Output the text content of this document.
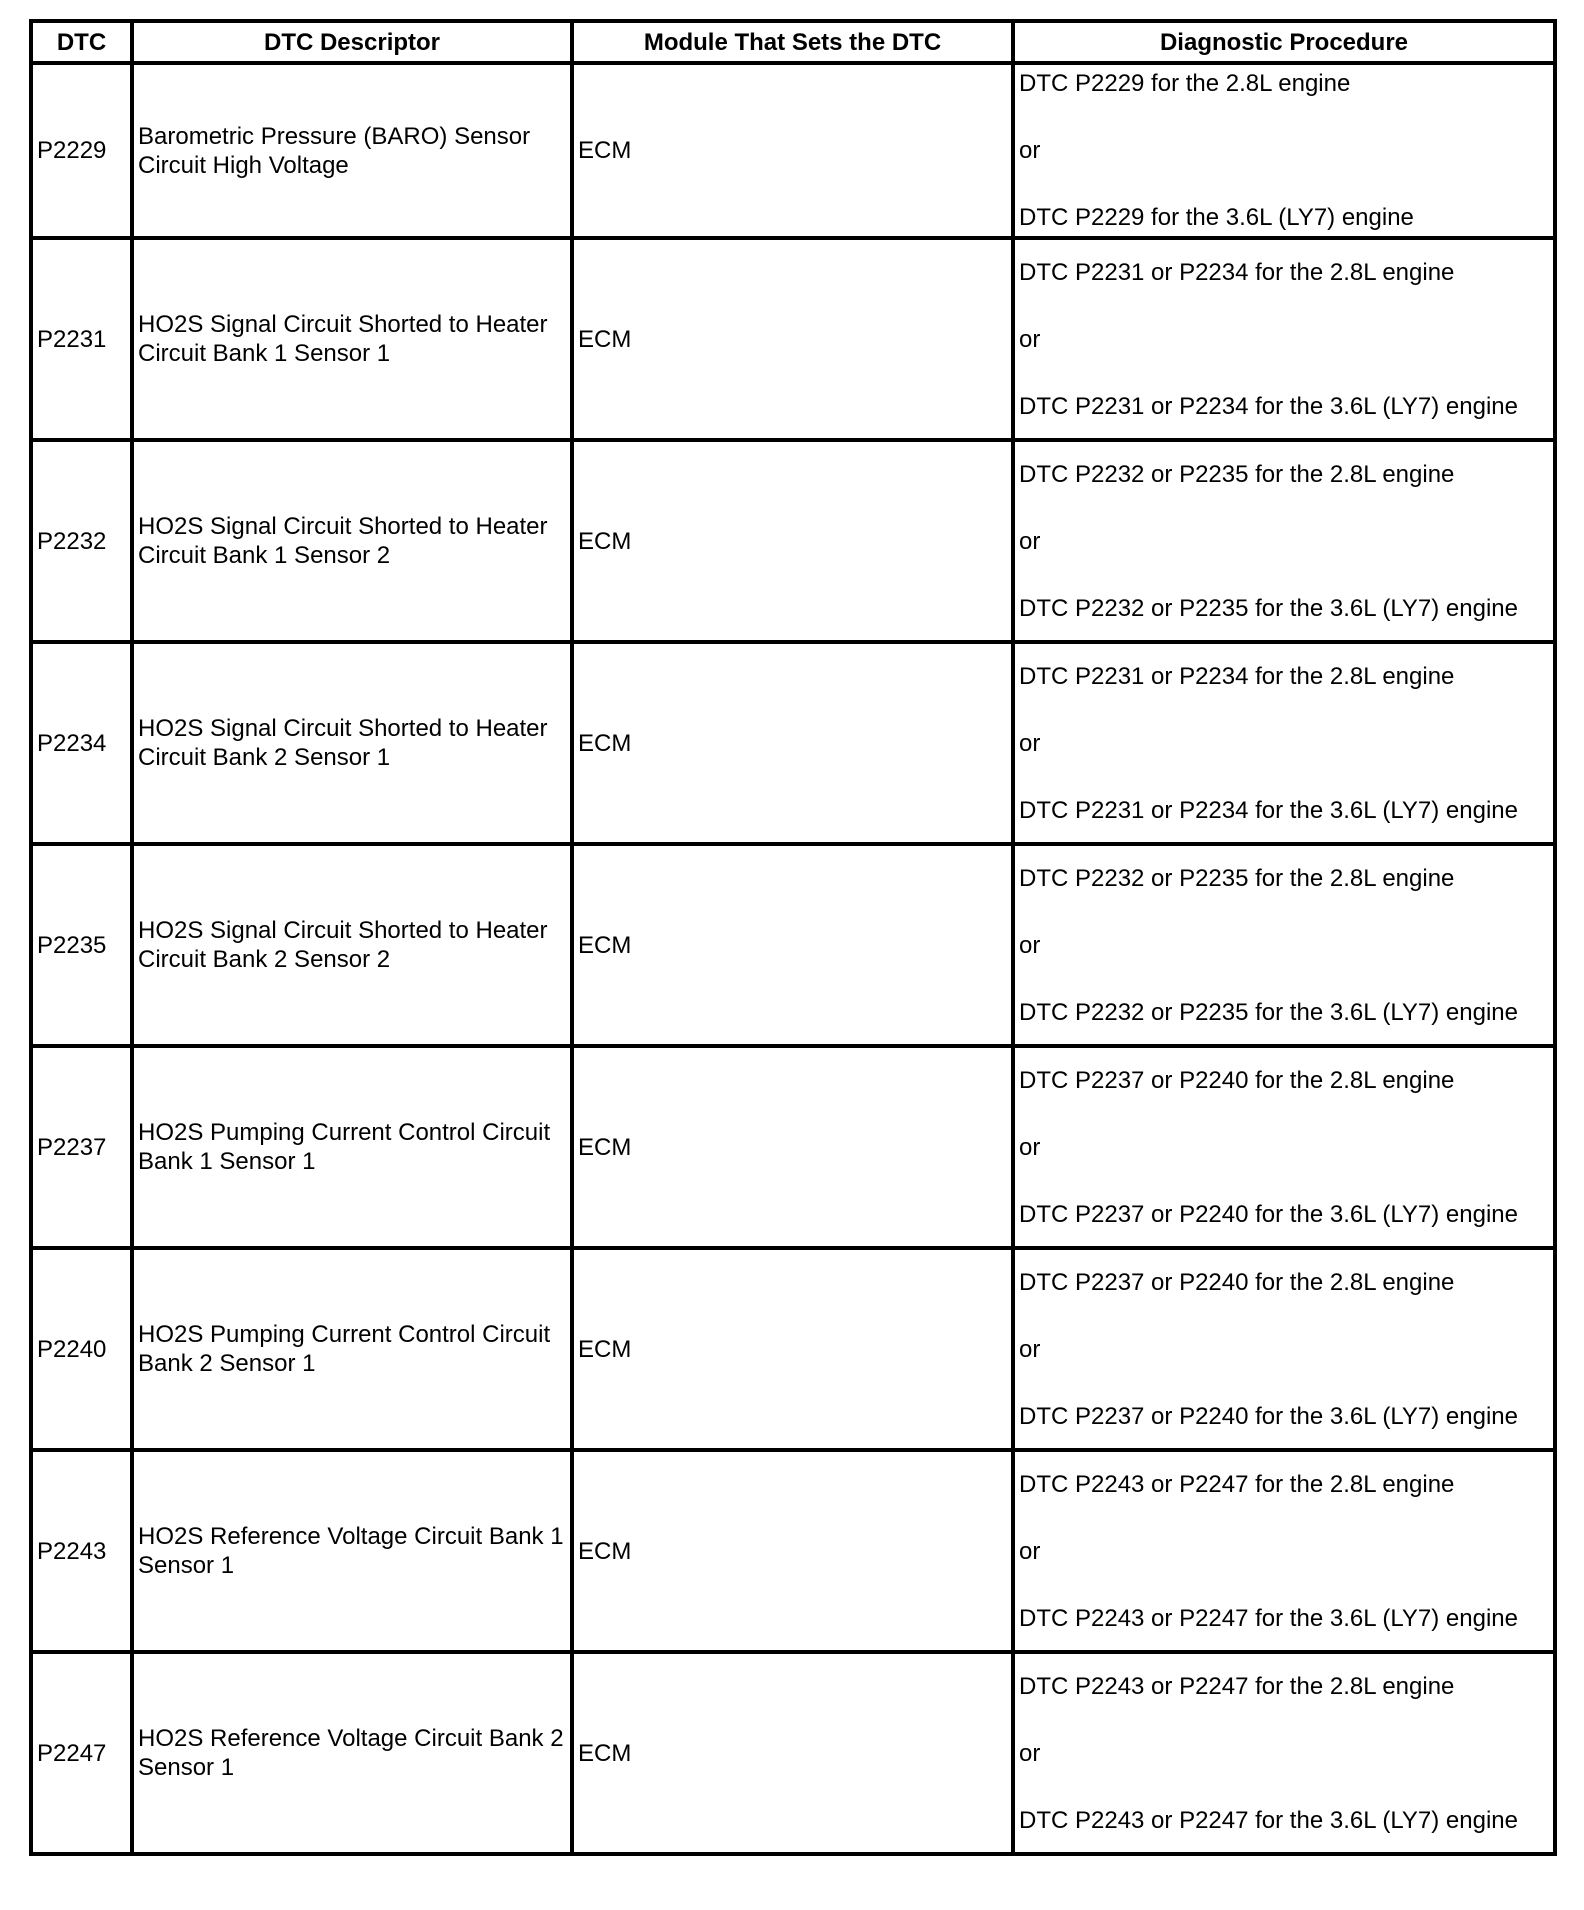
DTC	DTC Descriptor	Module That Sets the DTC	Diagnostic Procedure
P2229	Barometric Pressure (BARO) Sensor Circuit High Voltage	ECM	DTC P2229 for the 2.8L engine
or
DTC P2229 for the 3.6L (LY7) engine

P2231	HO2S Signal Circuit Shorted to Heater Circuit Bank 1 Sensor 1	ECM	DTC P2231 or P2234 for the 2.8L engine
or
DTC P2231 or P2234 for the 3.6L (LY7) engine

P2232	HO2S Signal Circuit Shorted to Heater Circuit Bank 1 Sensor 2	ECM	DTC P2232 or P2235 for the 2.8L engine
or
DTC P2232 or P2235 for the 3.6L (LY7) engine

P2234	HO2S Signal Circuit Shorted to Heater Circuit Bank 2 Sensor 1	ECM	DTC P2231 or P2234 for the 2.8L engine
or
DTC P2231 or P2234 for the 3.6L (LY7) engine

P2235	HO2S Signal Circuit Shorted to Heater Circuit Bank 2 Sensor 2	ECM	DTC P2232 or P2235 for the 2.8L engine
or
DTC P2232 or P2235 for the 3.6L (LY7) engine

P2237	HO2S Pumping Current Control Circuit Bank 1 Sensor 1	ECM	DTC P2237 or P2240 for the 2.8L engine
or
DTC P2237 or P2240 for the 3.6L (LY7) engine

P2240	HO2S Pumping Current Control Circuit Bank 2 Sensor 1	ECM	DTC P2237 or P2240 for the 2.8L engine
or
DTC P2237 or P2240 for the 3.6L (LY7) engine

P2243	HO2S Reference Voltage Circuit Bank 1 Sensor 1	ECM	DTC P2243 or P2247 for the 2.8L engine
or
DTC P2243 or P2247 for the 3.6L (LY7) engine

P2247	HO2S Reference Voltage Circuit Bank 2 Sensor 1	ECM	DTC P2243 or P2247 for the 2.8L engine
or
DTC P2243 or P2247 for the 3.6L (LY7) engine
